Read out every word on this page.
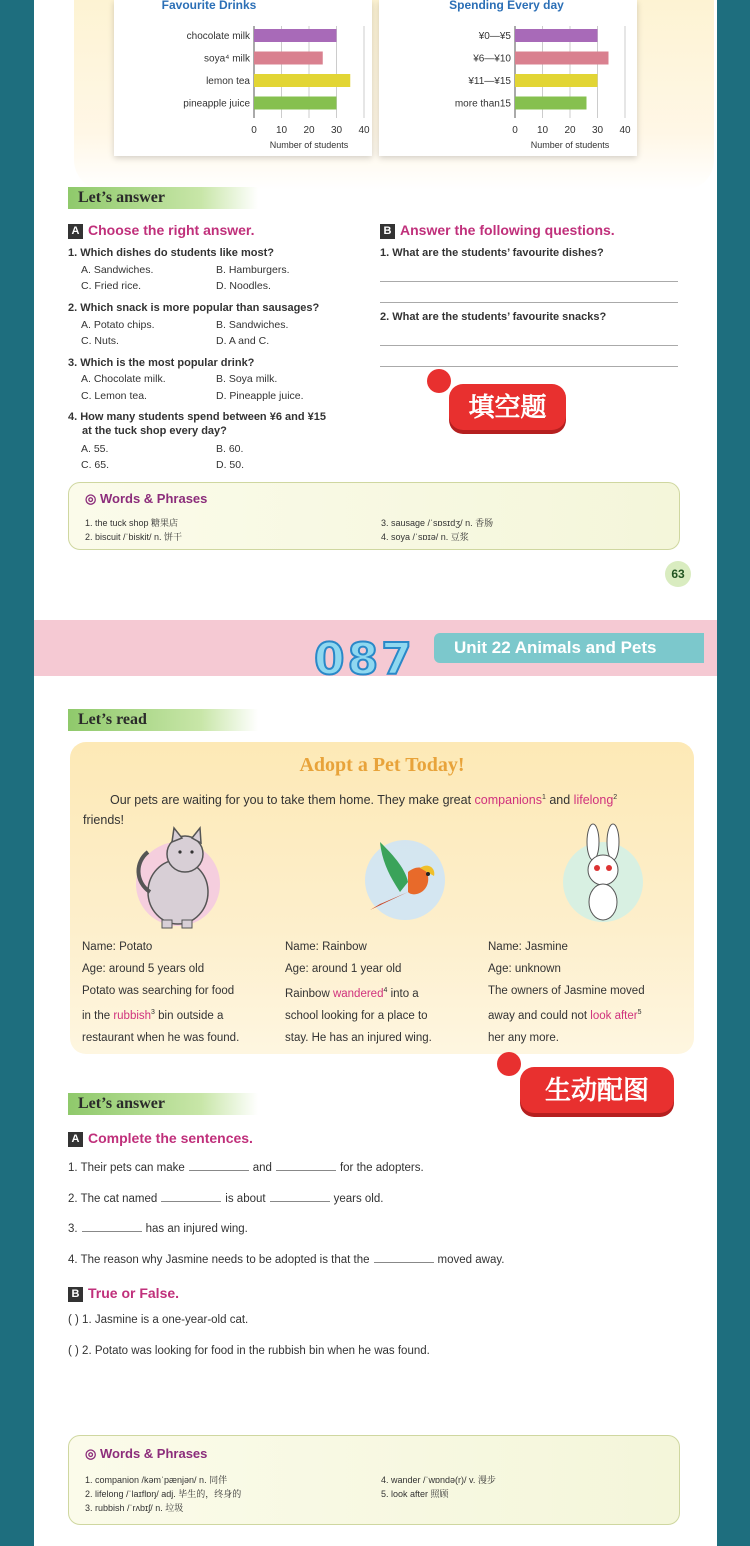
Favourite Drinks
0 10 20 30 40
chocolate milk
soya⁴ milk
lemon tea
pineapple juice
Number of students
Spending Every day
0 10 20 30 40
¥0—¥5
¥6—¥10
¥11—¥15
more than15
Number of students
Let’s answer
A Choose the right answer.	B Answer the following questions.
1. Which dishes do students like most?
A. Sandwiches.	B. Hamburgers.
C. Fried rice.	D. Noodles.
2. Which snack is more popular than sausages?
A. Potato chips.	B. Sandwiches.
C. Nuts.	D. A and C.
3. Which is the most popular drink?
A. Chocolate milk.	B. Soya milk.
C. Lemon tea.	D. Pineapple juice.
4. How many students spend between ¥6 and ¥15
at the tuck shop every day?
A. 55.	B. 60.
C. 65.	D. 50.
1. What are the students’ favourite dishes?
2. What are the students’ favourite snacks?
填空题
◎ Words & Phrases
1. the tuck shop 糖果店
2. biscuit /ˈbiskit/ n. 饼干
3. sausage /ˈsɒsɪdʒ/ n. 香肠
4. soya /ˈsɒɪə/ n. 豆浆
63
Unit 22 Animals and Pets
087
Let’s read
Adopt a Pet Today!
Our pets are waiting for you to take them home. They make great companions$^1$ and lifelong$^2$
friends!
Name: Potato
Age: around 5 years old
Potato was searching for food
in the rubbish$^3$ bin outside a
restaurant when he was found.
Name: Rainbow
Age: around 1 year old
Rainbow wandered$^4$ into a
school looking for a place to
stay. He has an injured wing.
Name: Jasmine
Age: unknown
The owners of Jasmine moved
away and could not look after$^5$
her any more.
生动配图
Let’s answer
A Complete the sentences.
1. Their pets can make	and	for the adopters.
2. The cat named	is about	years old.
3.	has an injured wing.
4. The reason why Jasmine needs to be adopted is that the	moved away.
B True or False.
( ) 1. Jasmine is a one-year-old cat.
( ) 2. Potato was looking for food in the rubbish bin when he was found.
◎ Words & Phrases
1. companion /kəmˈpænjən/ n. 同伴
2. lifelong /ˈlaɪflɒŋ/ adj. 毕生的，终身的
3. rubbish /ˈrʌbɪʃ/ n. 垃圾
4. wander /ˈwɒndə(r)/ v. 漫步
5. look after 照顾
